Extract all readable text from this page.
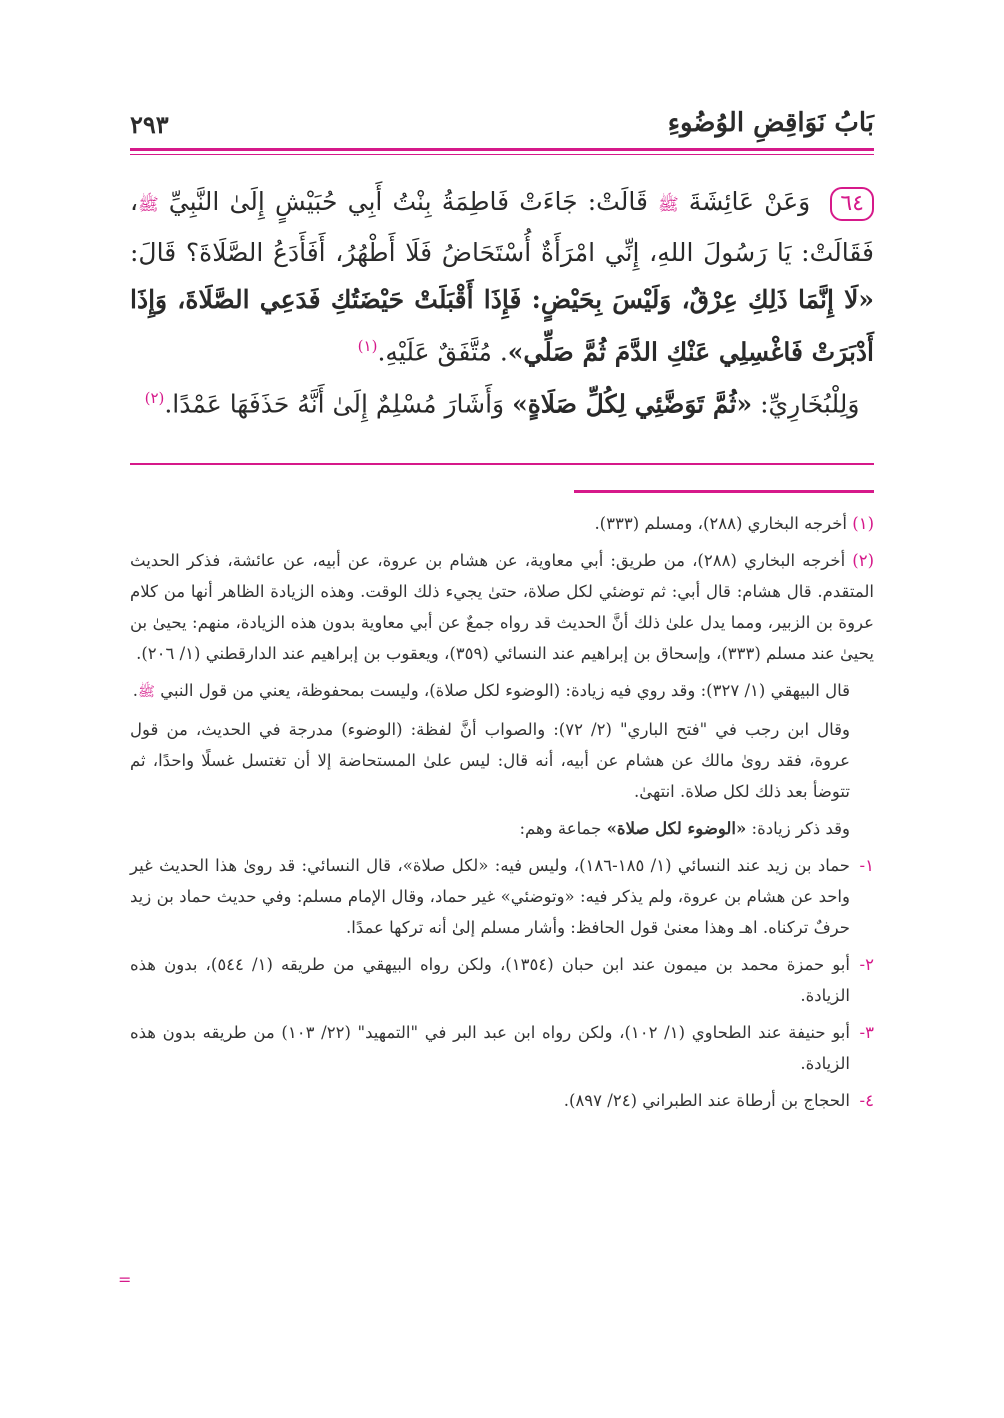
بَابُ نَوَاقِضِ الوُضُوءِ
٢٩٣

٦٤ وَعَنْ عَائِشَةَ ﷺ قَالَتْ: جَاءَتْ فَاطِمَةُ بِنْتُ أَبِي حُبَيْشٍ إِلَىٰ النَّبِيِّ ﷺ، فَقَالَتْ: يَا رَسُولَ اللهِ، إِنِّي امْرَأَةٌ أُسْتَحَاضُ فَلَا أَطْهُرُ، أَفَأَدَعُ الصَّلَاةَ؟ قَالَ: «لَا إِنَّمَا ذَلِكِ عِرْقٌ، وَلَيْسَ بِحَيْضٍ: فَإِذَا أَقْبَلَتْ حَيْضَتُكِ فَدَعِي الصَّلَاةَ، وَإِذَا أَدْبَرَتْ فَاغْسِلِي عَنْكِ الدَّمَ ثُمَّ صَلِّي». مُتَّفَقٌ عَلَيْهِ.$^{(١)}$

وَلِلْبُخَارِيِّ: «ثُمَّ تَوَضَّئِي لِكُلِّ صَلَاةٍ» وَأَشَارَ مُسْلِمٌ إِلَىٰ أَنَّهُ حَذَفَهَا عَمْدًا.$^{(٢)}$

(١) أخرجه البخاري (٢٨٨)، ومسلم (٣٣٣).

(٢) أخرجه البخاري (٢٨٨)، من طريق: أبي معاوية، عن هشام بن عروة، عن أبيه، عن عائشة، فذكر الحديث المتقدم. قال هشام: قال أبي: ثم توضئي لكل صلاة، حتىٰ يجيء ذلك الوقت. وهذه الزيادة الظاهر أنها من كلام عروة بن الزبير، ومما يدل علىٰ ذلك أنَّ الحديث قد رواه جمعٌ عن أبي معاوية بدون هذه الزيادة، منهم: يحيىٰ بن يحيىٰ عند مسلم (٣٣٣)، وإسحاق بن إبراهيم عند النسائي (٣٥٩)، ويعقوب بن إبراهيم عند الدارقطني (١/ ٢٠٦).

قال البيهقي (١/ ٣٢٧): وقد روي فيه زيادة: (الوضوء لكل صلاة)، وليست بمحفوظة، يعني من قول النبي ﷺ.

وقال ابن رجب في "فتح الباري" (٢/ ٧٢): والصواب أنَّ لفظة: (الوضوء) مدرجة في الحديث، من قول عروة، فقد روىٰ مالك عن هشام عن أبيه، أنه قال: ليس علىٰ المستحاضة إلا أن تغتسل غسلًا واحدًا، ثم تتوضأ بعد ذلك لكل صلاة. انتهىٰ.

وقد ذكر زيادة: «الوضوء لكل صلاة» جماعة وهم:

١-
حماد بن زيد عند النسائي (١/ ١٨٥-١٨٦)، وليس فيه: «لكل صلاة»، قال النسائي: قد روىٰ هذا الحديث غير واحد عن هشام بن عروة، ولم يذكر فيه: «وتوضئي» غير حماد، وقال الإمام مسلم: وفي حديث حماد بن زيد حرفٌ تركناه. اهـ وهذا معنىٰ قول الحافظ: وأشار مسلم إلىٰ أنه تركها عمدًا.
٢-
أبو حمزة محمد بن ميمون عند ابن حبان (١٣٥٤)، ولكن رواه البيهقي من طريقه (١/ ٥٤٤)، بدون هذه الزيادة.
٣-
أبو حنيفة عند الطحاوي (١/ ١٠٢)، ولكن رواه ابن عبد البر في "التمهيد" (٢٢/ ١٠٣) من طريقه بدون هذه الزيادة.
٤-
الحجاج بن أرطاة عند الطبراني (٢٤/ ٨٩٧).
=
